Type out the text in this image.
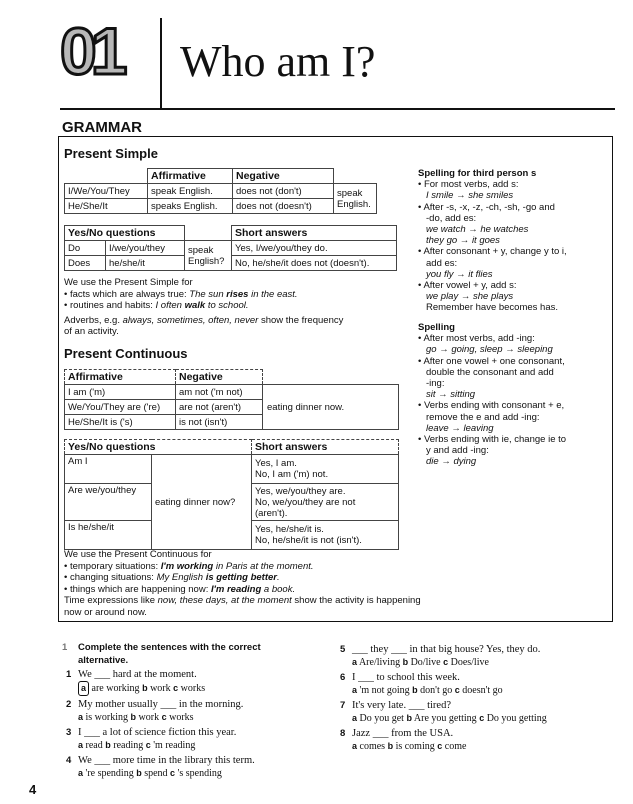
01 Who am I?
GRAMMAR
Present Simple
	Affirmative	Negative	
I/We/You/They	speak English.	does not (don't)	speak English.
He/She/It	speaks English.	does not (doesn't)	
Yes/No questions			Short answers
Do	I/we/you/they	speak English?	Yes, I/we/you/they do.
Does	he/she/it		No, he/she/it does not (doesn't).
We use the Present Simple for
• facts which are always true: The sun rises in the east.
• routines and habits: I often walk to school.
Adverbs, e.g. always, sometimes, often, never show the frequency
of an activity.
Present Continuous
Affirmative	Negative	
I am ('m)	am not ('m not)	eating dinner now.
We/You/They are ('re)	are not (aren't)	
He/She/It is ('s)	is not (isn't)	
Yes/No questions		Short answers
Am I	eating dinner now?	Yes, I am.
No, I am ('m) not.

Are we/you/they		Yes, we/you/they are.
No, we/you/they are not
(aren't).

Is he/she/it		Yes, he/she/it is.
No, he/she/it is not (isn't).
We use the Present Continuous for
• temporary situations: I'm working in Paris at the moment.
• changing situations: My English is getting better.
• things which are happening now: I'm reading a book.
Time expressions like now, these days, at the moment show the activity is happening
now or around now.
Spelling for third person s
• For most verbs, add s:
I smile → she smiles
• After -s, -x, -z, -ch, -sh, -go and
-do, add es:
we watch → he watches
they go → it goes
• After consonant + y, change y to i,
add es:
you fly → it flies
• After vowel + y, add s:
we play → she plays
Remember have becomes has.
Spelling
• After most verbs, add -ing:
go → going, sleep → sleeping
• After one vowel + one consonant,
double the consonant and add
-ing:
sit → sitting
• Verbs ending with consonant + e,
remove the e and add -ing:
leave → leaving
• Verbs ending with ie, change ie to
y and add -ing:
die → dying
1 Complete the sentences with the correct
alternative.
1 We ___ hard at the moment.
a are working b work c works
2 My mother usually ___ in the morning.
a is working b work c works
3 I ___ a lot of science fiction this year.
a read b reading c 'm reading
4 We ___ more time in the library this term.
a 're spending b spend c 's spending
5 ___ they ___ in that big house? Yes, they do.
a Are/living b Do/live c Does/live
6 I ___ to school this week.
a 'm not going b don't go c doesn't go
7 It's very late. ___ tired?
a Do you get b Are you getting c Do you getting
8 Jazz ___ from the USA.
a comes b is coming c come
4
